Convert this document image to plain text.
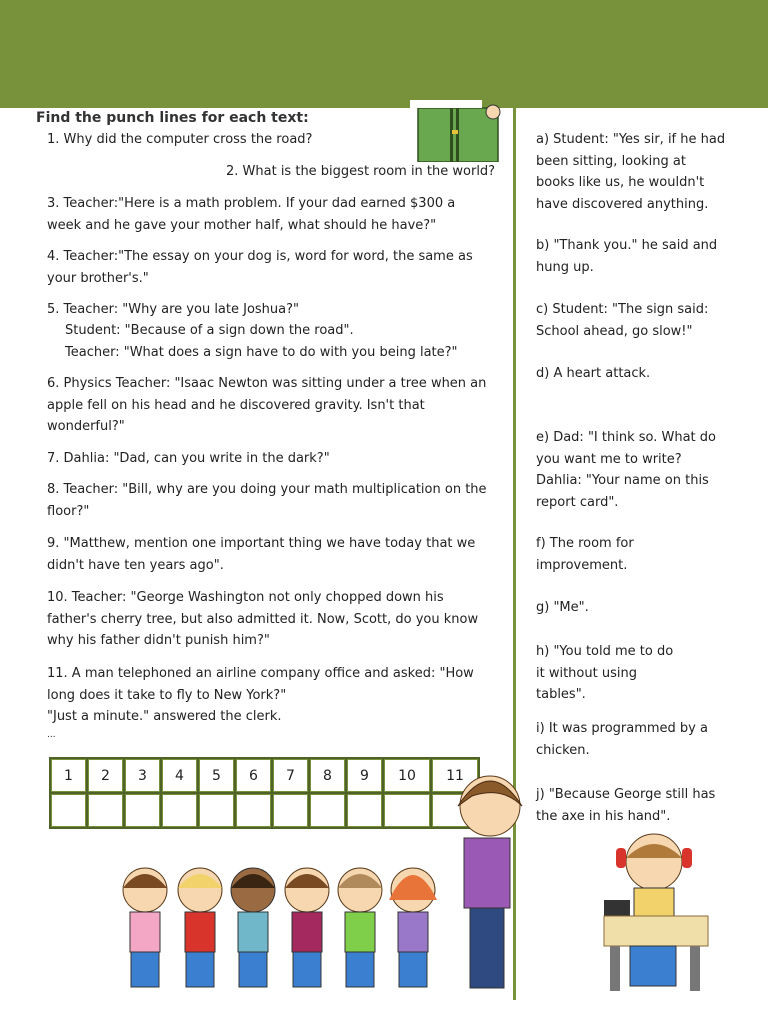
Find the punch lines for each text:
1. Why did the computer cross the road?
2. What is the biggest room in the world?
3. Teacher:"Here is a math problem. If your dad earned $300 a week and he gave your mother half, what should he have?"
4. Teacher:"The essay on your dog is, word for word, the same as your brother's."
5. Teacher: "Why are you late Joshua?"
Student: "Because of a sign down the road".
Teacher: "What does a sign have to do with you being late?"
6. Physics Teacher: "Isaac Newton was sitting under a tree when an apple fell on his head and he discovered gravity. Isn't that wonderful?"
7. Dahlia: "Dad, can you write in the dark?"
8. Teacher: "Bill, why are you doing your math multiplication on the floor?"
9. "Matthew, mention one important thing we have today that we didn't have ten years ago".
10. Teacher: "George Washington not only chopped down his father's cherry tree, but also admitted it. Now, Scott, do you know why his father didn't punish him?"
11. A man telephoned an airline company office and asked: "How long does it take to fly to New York?"
"Just a minute." answered the clerk.
...
1	2	3	4	5	6	7	8	9	10	11

a) Student: "Yes sir, if he had been sitting, looking at books like us, he wouldn't have discovered anything.
b) "Thank you." he said and hung up.
c) Student: "The sign said: School ahead, go slow!"
d) A heart attack.
e) Dad: "I think so. What do you want me to write?
Dahlia: "Your name on this report card".
f) The room for improvement.
g) "Me".
h) "You told me to do it without using tables".
i) It was programmed by a chicken.
j) "Because George still has the axe in his hand".
